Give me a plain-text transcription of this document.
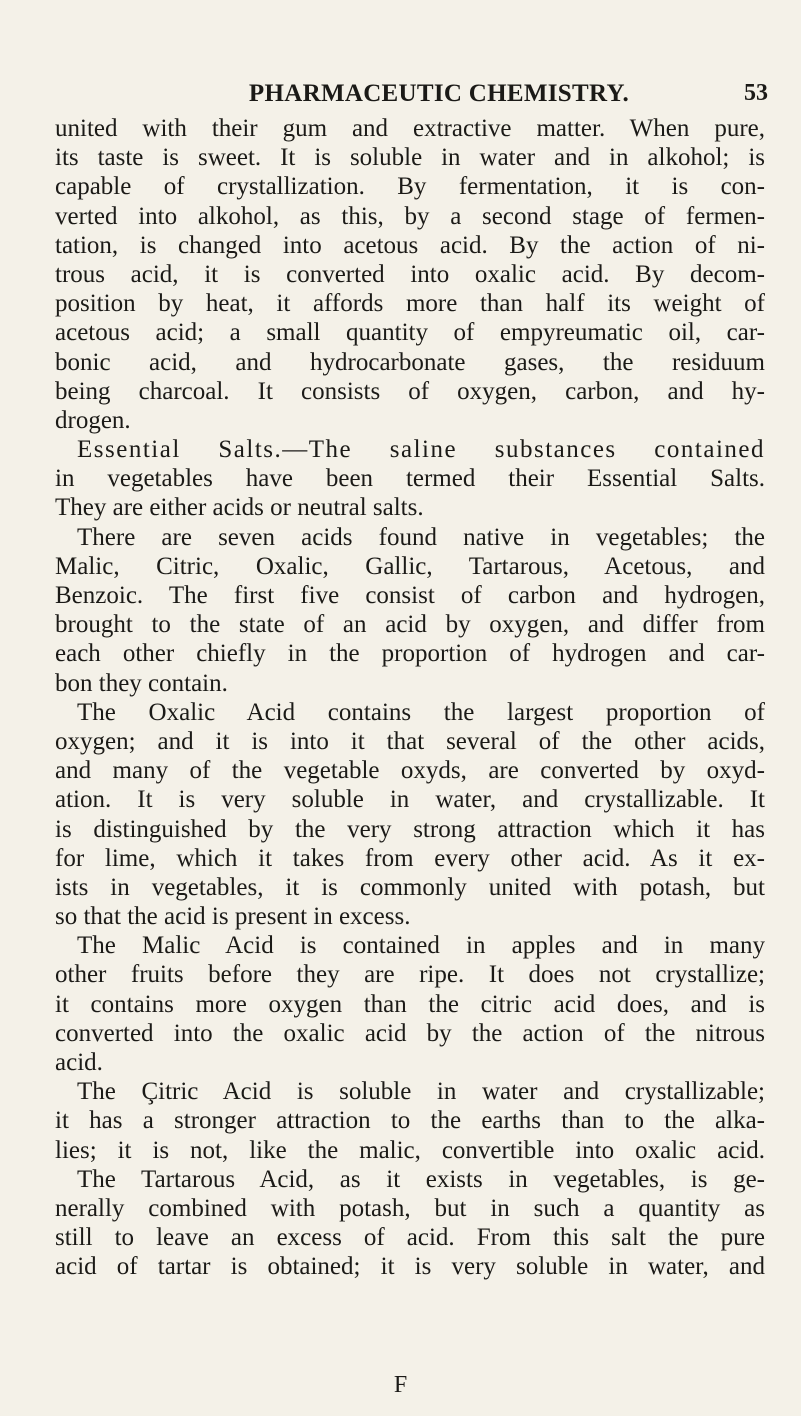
PHARMACEUTIC CHEMISTRY.	53
united with their gum and extractive matter. When pure,
its taste is sweet. It is soluble in water and in alkohol; is
capable of crystallization. By fermentation, it is con-
verted into alkohol, as this, by a second stage of fermen-
tation, is changed into acetous acid. By the action of ni-
trous acid, it is converted into oxalic acid. By decom-
position by heat, it affords more than half its weight of
acetous acid; a small quantity of empyreumatic oil, car-
bonic acid, and hydrocarbonate gases, the residuum
being charcoal. It consists of oxygen, carbon, and hy-
drogen.
Essential Salts.—The saline substances contained
in vegetables have been termed their Essential Salts.
They are either acids or neutral salts.
There are seven acids found native in vegetables; the
Malic, Citric, Oxalic, Gallic, Tartarous, Acetous, and
Benzoic. The first five consist of carbon and hydrogen,
brought to the state of an acid by oxygen, and differ from
each other chiefly in the proportion of hydrogen and car-
bon they contain.
The Oxalic Acid contains the largest proportion of
oxygen; and it is into it that several of the other acids,
and many of the vegetable oxyds, are converted by oxyd-
ation. It is very soluble in water, and crystallizable. It
is distinguished by the very strong attraction which it has
for lime, which it takes from every other acid. As it ex-
ists in vegetables, it is commonly united with potash, but
so that the acid is present in excess.
The Malic Acid is contained in apples and in many
other fruits before they are ripe. It does not crystallize;
it contains more oxygen than the citric acid does, and is
converted into the oxalic acid by the action of the nitrous
acid.
The Çitric Acid is soluble in water and crystallizable;
it has a stronger attraction to the earths than to the alka-
lies; it is not, like the malic, convertible into oxalic acid.
The Tartarous Acid, as it exists in vegetables, is ge-
nerally combined with potash, but in such a quantity as
still to leave an excess of acid. From this salt the pure
acid of tartar is obtained; it is very soluble in water, and
F
